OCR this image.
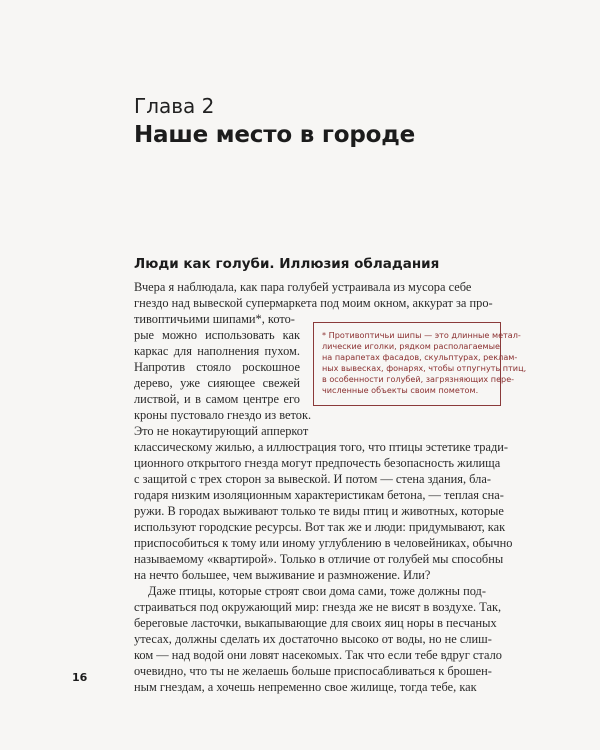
Глава 2
Наше место в городе
Люди как голуби. Иллюзия обладания

Вчера я наблюдала, как пара голубей устраивала из мусора себе

гнездо над вывеской супермаркета под моим окном, аккурат за про-

тивоптичьими шипами*, кото-

рые можно использовать как

каркас для наполнения пухом.

Напротив стояло роскошное

дерево, уже сияющее свежей

листвой, и в самом центре его

кроны пустовало гнездо из веток.

Это не нокаутирующий апперкот

классическому жилью, а иллюстрация того, что птицы эстетике тради-

ционного открытого гнезда могут предпочесть безопасность жилища

с защитой с трех сторон за вывеской. И потом — стена здания, бла-

годаря низким изоляционным характеристикам бетона, — теплая сна-

ружи. В городах выживают только те виды птиц и животных, которые

используют городские ресурсы. Вот так же и люди: придумывают, как

приспособиться к тому или иному углублению в человейниках, обычно

называемому «квартирой». Только в отличие от голубей мы способны

на нечто большее, чем выживание и размножение. Или?

Даже птицы, которые строят свои дома сами, тоже должны под-

страиваться под окружающий мир: гнезда же не висят в воздухе. Так,

береговые ласточки, выкапывающие для своих яиц норы в песчаных

утесах, должны сделать их достаточно высоко от воды, но не слиш-

ком — над водой они ловят насекомых. Так что если тебе вдруг стало

очевидно, что ты не желаешь больше приспосабливаться к брошен-

ным гнездам, а хочешь непременно свое жилище, тогда тебе, как

* Противоптичьи шипы — это длинные метал-
лические иголки, рядком располагаемые
на парапетах фасадов, скульптурах, реклам-
ных вывесках, фонарях, чтобы отпугнуть птиц,
в особенности голубей, загрязняющих пере-
численные объекты своим пометом.
16
